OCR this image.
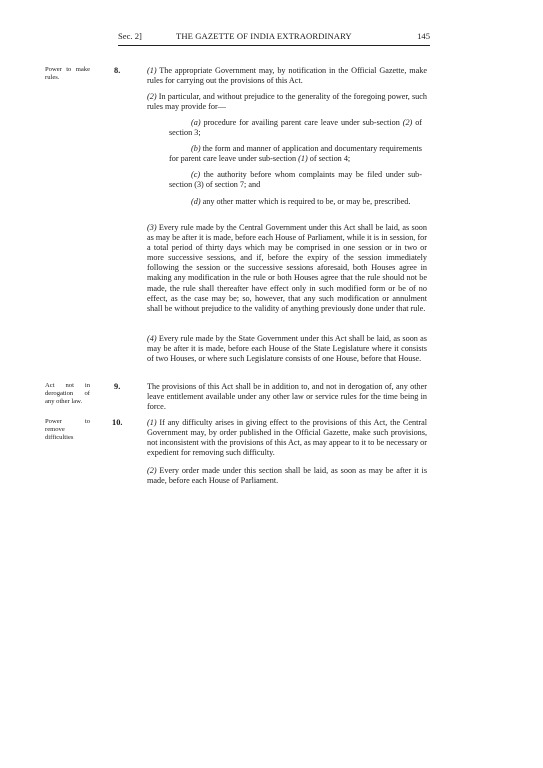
Sec. 2]	THE GAZETTE OF INDIA EXTRAORDINARY	145
Power to make rules.
8.	(1) The appropriate Government may, by notification in the Official Gazette, make rules for carrying out the provisions of this Act.

(2) In particular, and without prejudice to the generality of the foregoing power, such rules may provide for—

(a) procedure for availing parent care leave under sub-section (2) of section 3;

(b) the form and manner of application and documentary requirements for parent care leave under sub-section (1) of section 4;

(c) the authority before whom complaints may be filed under sub-section (3) of section 7; and

(d) any other matter which is required to be, or may be, prescribed.

(3) Every rule made by the Central Government under this Act shall be laid, as soon as may be after it is made, before each House of Parliament, while it is in session, for a total period of thirty days which may be comprised in one session or in two or more successive sessions, and if, before the expiry of the session immediately following the session or the successive sessions aforesaid, both Houses agree in making any modification in the rule or both Houses agree that the rule should not be made, the rule shall thereafter have effect only in such modified form or be of no effect, as the case may be; so, however, that any such modification or annulment shall be without prejudice to the validity of anything previously done under that rule.

(4) Every rule made by the State Government under this Act shall be laid, as soon as may be after it is made, before each House of the State Legislature where it consists of two Houses, or where such Legislature consists of one House, before that House.

Act not in derogation of any other law.
9.	The provisions of this Act shall be in addition to, and not in derogation of, any other leave entitlement available under any other law or service rules for the time being in force.

Power to remove difficulties
10.	(1) If any difficulty arises in giving effect to the provisions of this Act, the Central Government may, by order published in the Official Gazette, make such provisions, not inconsistent with the provisions of this Act, as may appear to it to be necessary or expedient for removing such difficulty.

(2) Every order made under this section shall be laid, as soon as may be after it is made, before each House of Parliament.
